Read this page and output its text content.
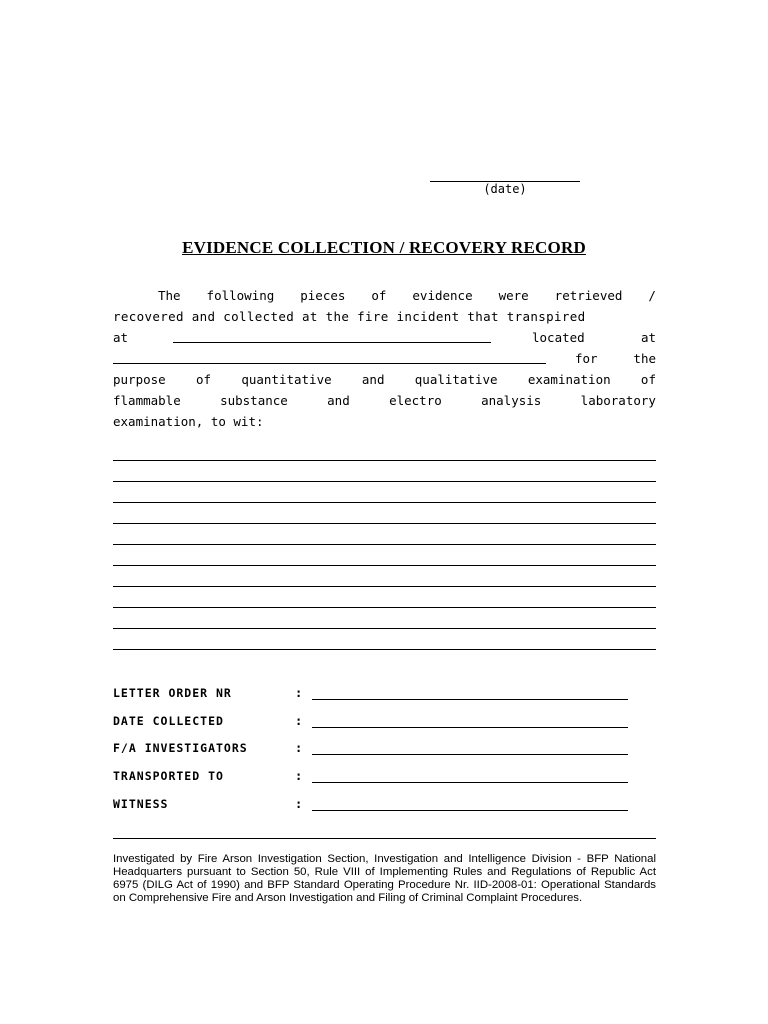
(date)
EVIDENCE COLLECTION / RECOVERY RECORD
The following pieces of evidence were retrieved /
recovered and collected at the fire incident that transpired
at	located	at
for	the
purpose of quantitative and qualitative examination of
flammable	substance	and	electro	analysis	laboratory
examination, to wit:
LETTER ORDER NR	:
DATE COLLECTED	:
F/A INVESTIGATORS	:
TRANSPORTED TO	:
WITNESS	:
Investigated by Fire Arson Investigation Section, Investigation and Intelligence Division - BFP National Headquarters pursuant to Section 50, Rule VIII of Implementing Rules and Regulations of Republic Act 6975 (DILG Act of 1990) and BFP Standard Operating Procedure Nr. IID-2008-01: Operational Standards on Comprehensive Fire and Arson Investigation and Filing of Criminal Complaint Procedures.
